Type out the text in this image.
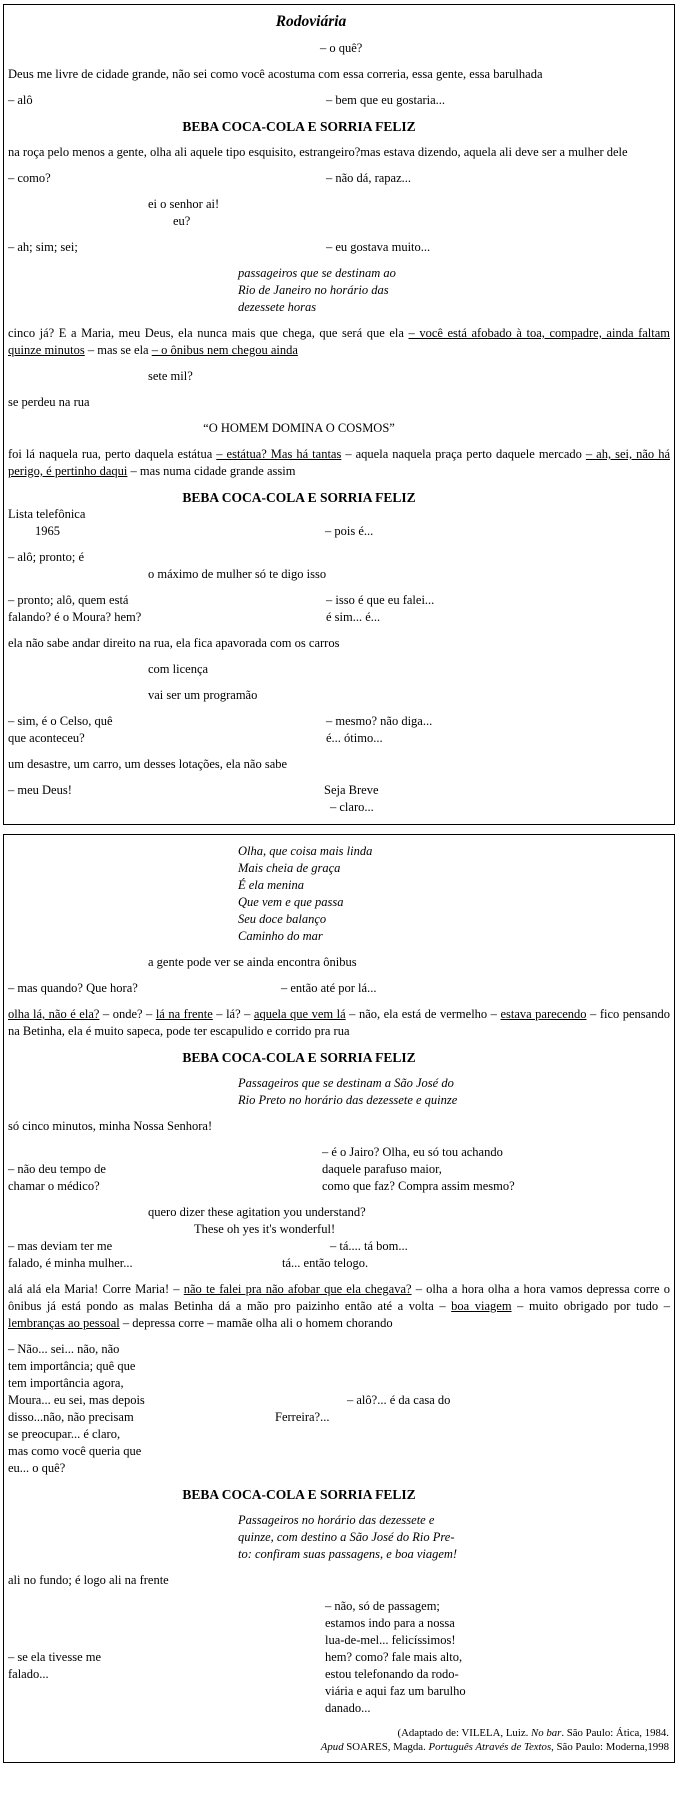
Rodoviária
– o quê?
Deus me livre de cidade grande, não sei como você acostuma com essa correria, essa gente, essa barulhada
– alô	– bem que eu gostaria...
BEBA COCA-COLA E SORRIA FELIZ
na roça pelo menos a gente, olha ali aquele tipo esquisito, estrangeiro?mas estava dizendo, aquela ali deve ser a mulher dele
– como?	– não dá, rapaz...
ei o senhor ai!
eu?
– ah; sim; sei;	– eu gostava muito...
passageiros que se destinam ao
Rio de Janeiro no horário das
dezessete horas
cinco já? E a Maria, meu Deus, ela nunca mais que chega, que será que ela – você está afobado à toa, compadre, ainda faltam quinze minutos – mas se ela – o ônibus nem chegou ainda
sete mil?
se perdeu na rua
“O HOMEM DOMINA O COSMOS”
foi lá naquela rua, perto daquela estátua – estátua? Mas há tantas – aquela naquela praça perto daquele mercado – ah, sei, não há perigo, é pertinho daqui – mas numa cidade grande assim
BEBA COCA-COLA E SORRIA FELIZ
Lista telefônica
1965	– pois é...
– alô; pronto; é
o máximo de mulher só te digo isso
– pronto; alô, quem está	– isso é que eu falei...
falando? é o Moura? hem?	é sim... é...
ela não sabe andar direito na rua, ela fica apavorada com os carros
com licença
vai ser um programão
– sim, é o Celso, quê	– mesmo? não diga...
que aconteceu?	é... ótimo...
um desastre, um carro, um desses lotações, ela não sabe
– meu Deus!	Seja Breve
– claro...
Olha, que coisa mais linda
Mais cheia de graça
É ela menina
Que vem e que passa
Seu doce balanço
Caminho do mar
a gente pode ver se ainda encontra ônibus
– mas quando? Que hora?	– então até por lá...
olha lá, não é ela? – onde? – lá na frente – lá? – aquela que vem lá – não, ela está de vermelho – estava parecendo – fico pensando na Betinha, ela é muito sapeca, pode ter escapulido e corrido pra rua
BEBA COCA-COLA E SORRIA FELIZ
Passageiros que se destinam a São José do
Rio Preto no horário das dezessete e quinze
só cinco minutos, minha Nossa Senhora!
– é o Jairo? Olha, eu só tou achando
– não deu tempo de	daquele parafuso maior,
chamar o médico?	como que faz? Compra assim mesmo?
quero dizer these agitation you understand?
These oh yes it's wonderful!
– mas deviam ter me	– tá.... tá bom...
falado, é minha mulher...	tá... então telogo.
alá alá ela Maria! Corre Maria! – não te falei pra não afobar que ela chegava? – olha a hora olha a hora vamos depressa corre o ônibus já está pondo as malas Betinha dá a mão pro paizinho então até a volta – boa viagem – muito obrigado por tudo – lembranças ao pessoal – depressa corre – mamãe olha ali o homem chorando
– Não... sei... não, não
tem importância; quê que
tem importância agora,
Moura... eu sei, mas depois	– alô?... é da casa do
disso...não, não precisam	Ferreira?...
se preocupar... é claro,
mas como você queria que
eu... o quê?
BEBA COCA-COLA E SORRIA FELIZ
Passageiros no horário das dezessete e
quinze, com destino a São José do Rio Pre-
to: confiram suas passagens, e boa viagem!
ali no fundo; é logo ali na frente
– não, só de passagem;
estamos indo para a nossa
lua-de-mel... felicíssimos!
– se ela tivesse me	hem? como? fale mais alto,
falado...	estou telefonando da rodo-
viária e aqui faz um barulho
danado...
(Adaptado de: VILELA, Luiz. No bar. São Paulo: Ática, 1984.
Apud SOARES, Magda. Português Através de Textos, São Paulo: Moderna,1998
